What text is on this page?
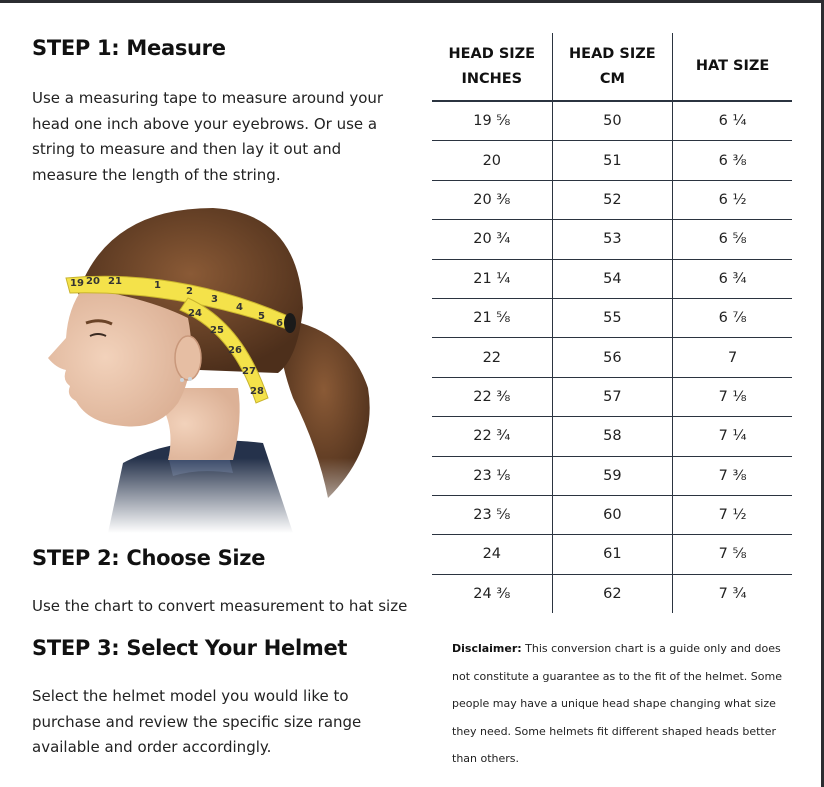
STEP 1: Measure
Use a measuring tape to measure around your head one inch above your eyebrows. Or use a string to measure and then lay it out and measure the length of the string.
19 20 21	1
2
3
4
5
6
24
25
26
27
28
STEP 2: Choose Size
Use the chart to convert measurement to hat size
STEP 3: Select Your Helmet
Select the helmet model you would like to purchase and review the specific size range available and order accordingly.
HEAD SIZE INCHES	HEAD SIZE CM	HAT SIZE
19 ⅝	50	6 ¼
20	51	6 ⅜
20 ⅜	52	6 ½
20 ¾	53	6 ⅝
21 ¼	54	6 ¾
21 ⅝	55	6 ⅞
22	56	7
22 ⅜	57	7 ⅛
22 ¾	58	7 ¼
23 ⅛	59	7 ⅜
23 ⅝	60	7 ½
24	61	7 ⅝
24 ⅜	62	7 ¾
Disclaimer: This conversion chart is a guide only and does not constitute a guarantee as to the fit of the helmet. Some people may have a unique head shape changing what size they need. Some helmets fit different shaped heads better than others.
